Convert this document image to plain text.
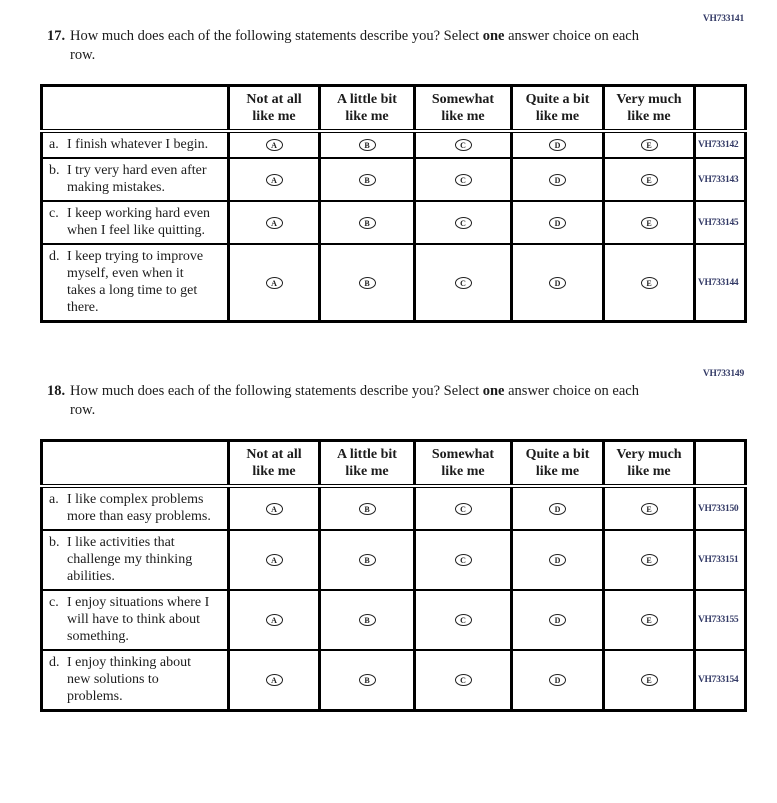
VH733141
17. How much does each of the following statements describe you? Select one answer choice on each row.

	Not at all like me	A little bit like me	Somewhat like me	Quite a bit like me	Very much like me	

a. I finish whatever I begin.	A	B	C	D	E	VH733142

b. I try very hard even after making mistakes.	A	B	C	D	E	VH733143

c. I keep working hard even when I feel like quitting.	A	B	C	D	E	VH733145

d. I keep trying to improve myself, even when it takes a long time to get there.	A	B	C	D	E	VH733144
VH733149
18. How much does each of the following statements describe you? Select one answer choice on each row.

	Not at all like me	A little bit like me	Somewhat like me	Quite a bit like me	Very much like me	

a. I like complex problems more than easy problems.	A	B	C	D	E	VH733150

b. I like activities that challenge my thinking abilities.	A	B	C	D	E	VH733151

c. I enjoy situations where I will have to think about something.	A	B	C	D	E	VH733155

d. I enjoy thinking about new solutions to problems.	A	B	C	D	E	VH733154
